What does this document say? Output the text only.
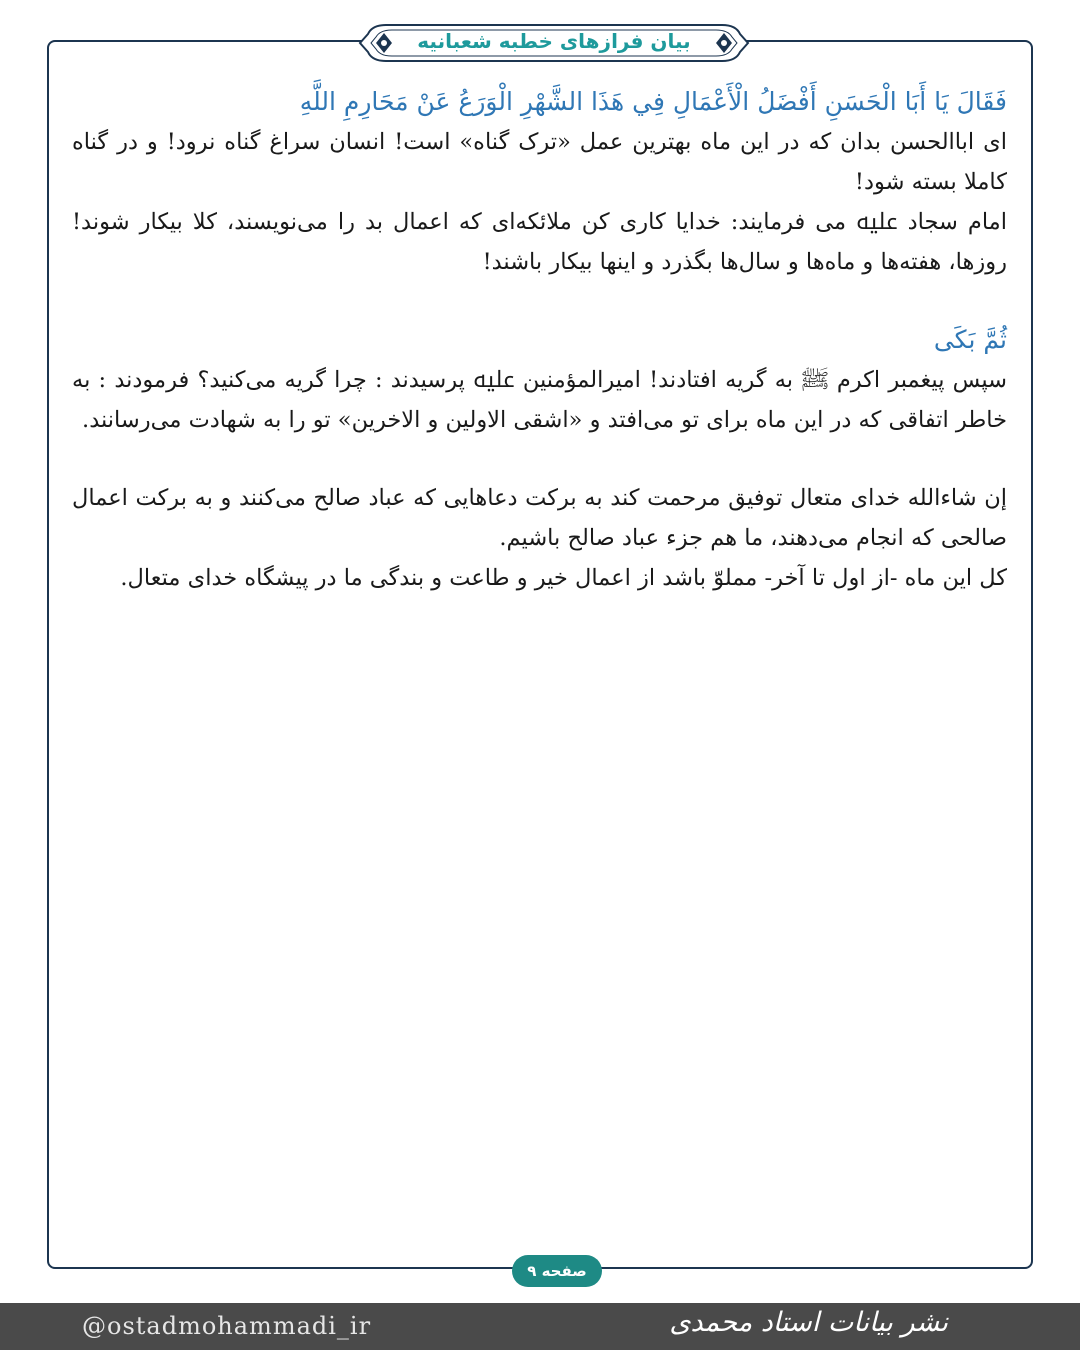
بیان فرازهای خطبه شعبانیه

فَقَالَ يَا أَبَا الْحَسَنِ أَفْضَلُ الْأَعْمَالِ فِي هَذَا الشَّهْرِ الْوَرَعُ عَنْ مَحَارِمِ اللَّهِ

ای اباالحسن بدان که در این ماه بهترین عمل «ترک گناه» است! انسان سراغ گناه نرود! و در گناه کاملا بسته شود!

امام سجاد ﷷ می فرمایند: خدایا کاری کن ملائکه‌ای که اعمال بد را می‌نویسند، کلا بیکار شوند! روزها، هفته‌ها و ماه‌ها و سال‌ها بگذرد و اینها بیکار باشند!

ثُمَّ بَكَى

سپس پیغمبر اکرم ﷺ به گریه افتادند! امیرالمؤمنین ﷷ پرسیدند : چرا گریه می‌کنید؟ فرمودند : به خاطر اتفاقی که در این ماه برای تو می‌افتد و «اشقی الاولین و الاخرین» تو را به شهادت می‌رسانند.

إن شاءالله خدای متعال توفیق مرحمت کند به برکت دعاهایی که عباد صالح می‌کنند و به برکت اعمال صالحی که انجام می‌دهند، ما هم جزء عباد صالح باشیم.

کل این ماه -از اول تا آخر- مملوّ باشد از اعمال خیر و طاعت و بندگی ما در پیشگاه خدای متعال.

صفحه ۹
@ostadmohammadi_ir	نشر بیانات استاد محمدی
